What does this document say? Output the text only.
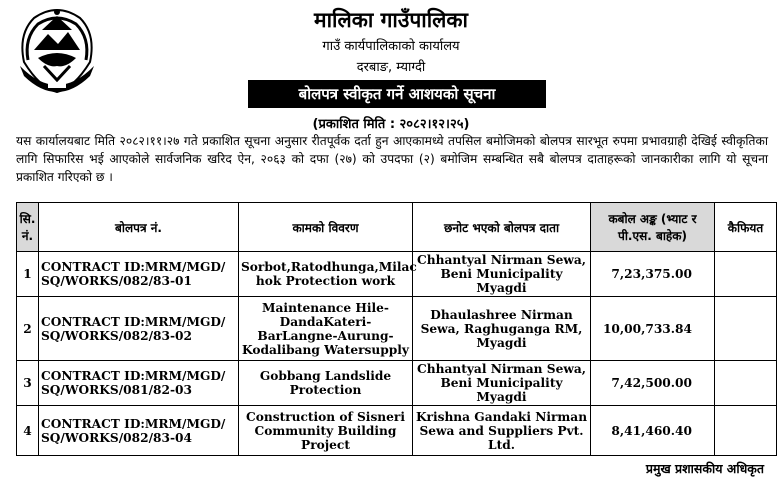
मालिका गाउँपालिका
गाउँ कार्यपालिकाको कार्यालय
दरबाङ, म्याग्दी
बोलपत्र स्वीकृत गर्ने आशयको सूचना
(प्रकाशित मिति : २०८२।१२।२५)
यस कार्यालयबाट मिति २०८२।११।२७ गते प्रकाशित सूचना अनुसार रीतपूर्वक दर्ता हुन आएकामध्ये तपसिल बमोजिमको बोलपत्र सारभूत रुपमा प्रभावग्राही देखिई स्वीकृतिका लागि सिफारिस भई आएकोले सार्वजनिक खरिद ऐन, २०६३ को दफा (२७) को उपदफा (२) बमोजिम सम्बन्धित सबै बोलपत्र दाताहरूको जानकारीका लागि यो सूचना प्रकाशित गरिएको छ ।
सि. नं.	बोलपत्र नं.	कामको विवरण	छनोट भएको बोलपत्र दाता	कबोल अङ्क (भ्याट र पी.एस. बाहेक)	कैफियत
1	CONTRACT ID:MRM/MGD/ SQ/WORKS/082/83-01	Sorbot,Ratodhunga,Milac hok Protection work	Chhantyal Nirman Sewa, Beni Municipality Myagdi	7,23,375.00	
2	CONTRACT ID:MRM/MGD/ SQ/WORKS/082/83-02	Maintenance Hile-DandaKateri-BarLangne-Aurung- Kodalibang Watersupply	Dhaulashree Nirman Sewa, Raghuganga RM, Myagdi	10,00,733.84	
3	CONTRACT ID:MRM/MGD/ SQ/WORKS/081/82-03	Gobbang Landslide Protection	Chhantyal Nirman Sewa, Beni Municipality Myagdi	7,42,500.00	
4	CONTRACT ID:MRM/MGD/ SQ/WORKS/082/83-04	Construction of Sisneri Community Building Project	Krishna Gandaki Nirman Sewa and Suppliers Pvt. Ltd.	8,41,460.40	
प्रमुख प्रशासकीय अधिकृत
